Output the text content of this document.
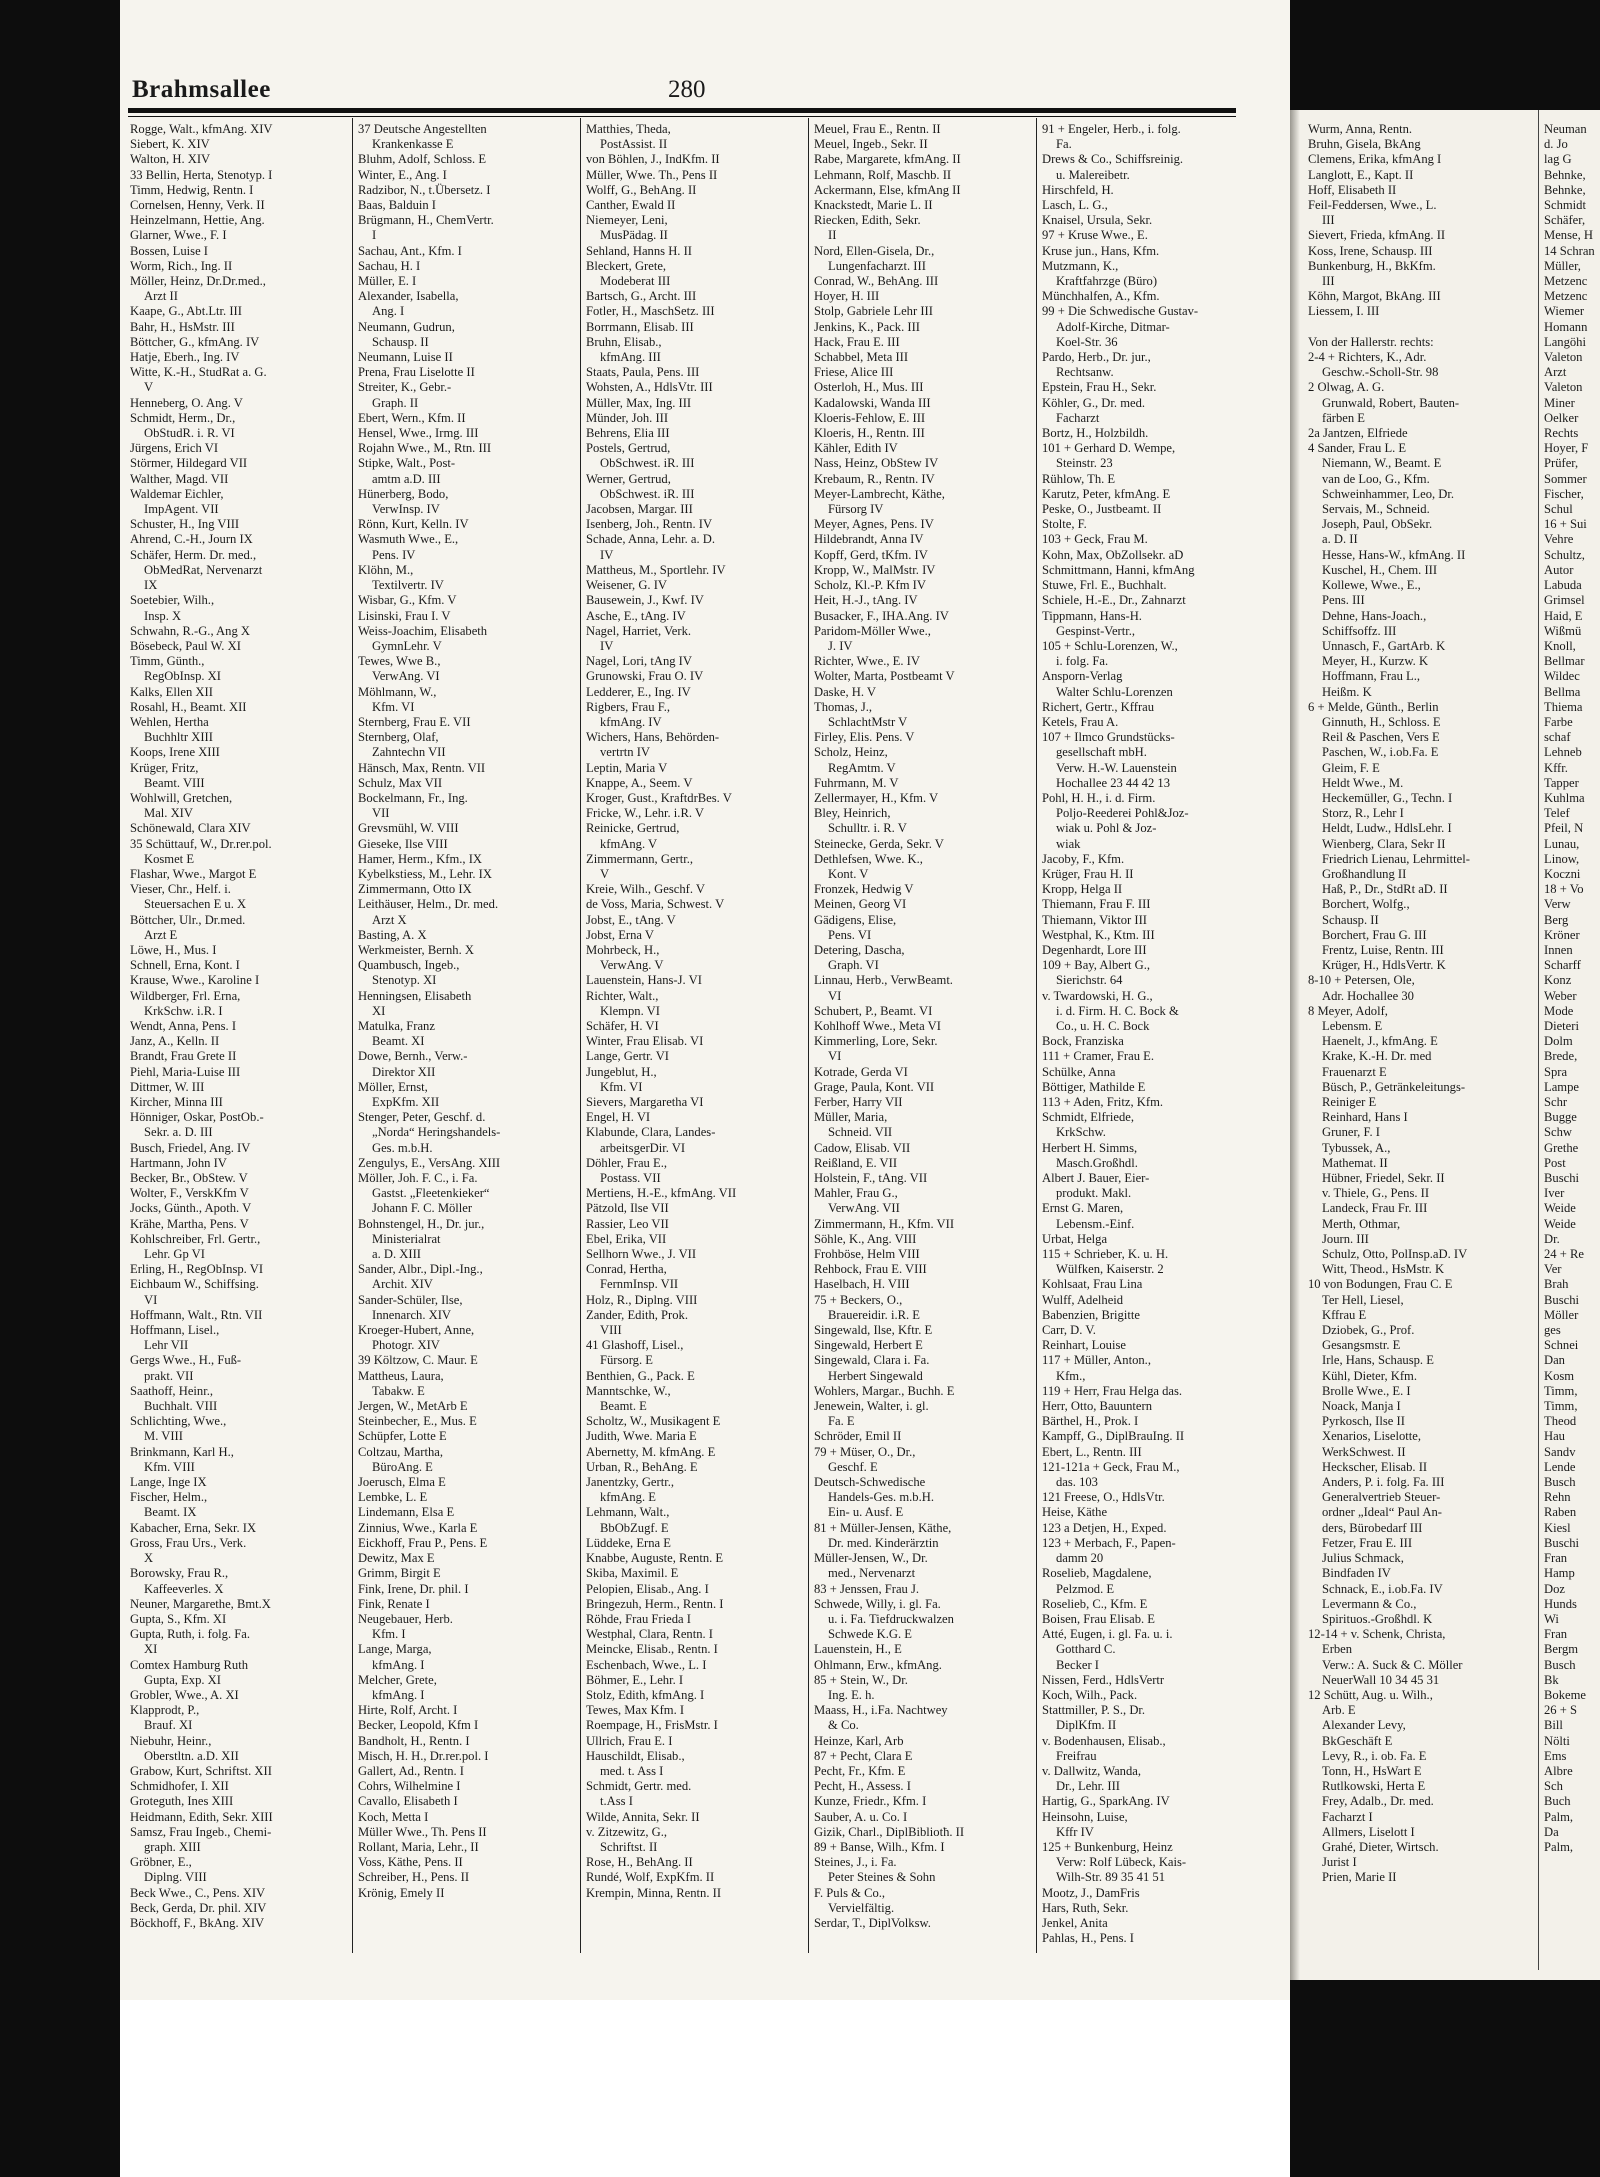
Brahmsallee	280
Rogge, Walt., kfmAng. XIV
Siebert, K. XIV
Walton, H. XIV
33 Bellin, Herta, Stenotyp. I
Timm, Hedwig, Rentn. I
Cornelsen, Henny, Verk. II
Heinzelmann, Hettie, Ang.
Glarner, Wwe., F. I
Bossen, Luise I
Worm, Rich., Ing. II
Möller, Heinz, Dr.Dr.med.,
Arzt II
Kaape, G., Abt.Ltr. III
Bahr, H., HsMstr. III
Böttcher, G., kfmAng. IV
Hatje, Eberh., Ing. IV
Witte, K.-H., StudRat a. G.
V
Henneberg, O. Ang. V
Schmidt, Herm., Dr.,
ObStudR. i. R. VI
Jürgens, Erich VI
Störmer, Hildegard VII
Walther, Magd. VII
Waldemar Eichler,
ImpAgent. VII
Schuster, H., Ing VIII
Ahrend, C.-H., Journ IX
Schäfer, Herm. Dr. med.,
ObMedRat, Nervenarzt
IX
Soetebier, Wilh.,
Insp. X
Schwahn, R.-G., Ang X
Bösebeck, Paul W. XI
Timm, Günth.,
RegObInsp. XI
Kalks, Ellen XII
Rosahl, H., Beamt. XII
Wehlen, Hertha
Buchhltr XIII
Koops, Irene XIII
Krüger, Fritz,
Beamt. VIII
Wohlwill, Gretchen,
Mal. XIV
Schönewald, Clara XIV
35 Schüttauf, W., Dr.rer.pol.
Kosmet E
Flashar, Wwe., Margot E
Vieser, Chr., Helf. i.
Steuersachen E u. X
Böttcher, Ulr., Dr.med.
Arzt E
Löwe, H., Mus. I
Schnell, Erna, Kont. I
Krause, Wwe., Karoline I
Wildberger, Frl. Erna,
KrkSchw. i.R. I
Wendt, Anna, Pens. I
Janz, A., Kelln. II
Brandt, Frau Grete II
Piehl, Maria-Luise III
Dittmer, W. III
Kircher, Minna III
Hönniger, Oskar, PostOb.-
Sekr. a. D. III
Busch, Friedel, Ang. IV
Hartmann, John IV
Becker, Br., ObStew. V
Wolter, F., VerskKfm V
Jocks, Günth., Apoth. V
Krähe, Martha, Pens. V
Kohlschreiber, Frl. Gertr.,
Lehr. Gp VI
Erling, H., RegObInsp. VI
Eichbaum W., Schiffsing.
VI
Hoffmann, Walt., Rtn. VII
Hoffmann, Lisel.,
Lehr VII
Gergs Wwe., H., Fuß-
prakt. VII
Saathoff, Heinr.,
Buchhalt. VIII
Schlichting, Wwe.,
M. VIII
Brinkmann, Karl H.,
Kfm. VIII
Lange, Inge IX
Fischer, Helm.,
Beamt. IX
Kabacher, Erna, Sekr. IX
Gross, Frau Urs., Verk.
X
Borowsky, Frau R.,
Kaffeeverles. X
Neuner, Margarethe, Bmt.X
Gupta, S., Kfm. XI
Gupta, Ruth, i. folg. Fa.
XI
Comtex Hamburg Ruth
Gupta, Exp. XI
Grobler, Wwe., A. XI
Klapprodt, P.,
Brauf. XI
Niebuhr, Heinr.,
Oberstltn. a.D. XII
Grabow, Kurt, Schriftst. XII
Schmidhofer, I. XII
Groteguth, Ines XIII
Heidmann, Edith, Sekr. XIII
Samsz, Frau Ingeb., Chemi-
graph. XIII
Gröbner, E.,
Diplng. VIII
Beck Wwe., C., Pens. XIV
Beck, Gerda, Dr. phil. XIV
Böckhoff, F., BkAng. XIV
37 Deutsche Angestellten
Krankenkasse E
Bluhm, Adolf, Schloss. E
Winter, E., Ang. I
Radzibor, N., t.Übersetz. I
Baas, Balduin I
Brügmann, H., ChemVertr.
I
Sachau, Ant., Kfm. I
Sachau, H. I
Müller, E. I
Alexander, Isabella,
Ang. I
Neumann, Gudrun,
Schausp. II
Neumann, Luise II
Prena, Frau Liselotte II
Streiter, K., Gebr.-
Graph. II
Ebert, Wern., Kfm. II
Hensel, Wwe., Irmg. III
Rojahn Wwe., M., Rtn. III
Stipke, Walt., Post-
amtm a.D. III
Hünerberg, Bodo,
VerwInsp. IV
Rönn, Kurt, Kelln. IV
Wasmuth Wwe., E.,
Pens. IV
Klöhn, M.,
Textilvertr. IV
Wisbar, G., Kfm. V
Lisinski, Frau I. V
Weiss-Joachim, Elisabeth
GymnLehr. V
Tewes, Wwe B.,
VerwAng. VI
Möhlmann, W.,
Kfm. VI
Sternberg, Frau E. VII
Sternberg, Olaf,
Zahntechn VII
Hänsch, Max, Rentn. VII
Schulz, Max VII
Bockelmann, Fr., Ing.
VII
Grevsmühl, W. VIII
Gieseke, Ilse VIII
Hamer, Herm., Kfm., IX
Kybelkstiess, M., Lehr. IX
Zimmermann, Otto IX
Leithäuser, Helm., Dr. med.
Arzt X
Basting, A. X
Werkmeister, Bernh. X
Quambusch, Ingeb.,
Stenotyp. XI
Henningsen, Elisabeth
XI
Matulka, Franz
Beamt. XI
Dowe, Bernh., Verw.-
Direktor XII
Möller, Ernst,
ExpKfm. XII
Stenger, Peter, Geschf. d.
„Norda“ Heringshandels-
Ges. m.b.H.
Zengulys, E., VersAng. XIII
Möller, Joh. F. C., i. Fa.
Gastst. „Fleetenkieker“
Johann F. C. Möller
Bohnstengel, H., Dr. jur.,
Ministerialrat
a. D. XIII
Sander, Albr., Dipl.-Ing.,
Archit. XIV
Sander-Schüler, Ilse,
Innenarch. XIV
Kroeger-Hubert, Anne,
Photogr. XIV
39 Költzow, C. Maur. E
Mattheus, Laura,
Tabakw. E
Jergen, W., MetArb E
Steinbecher, E., Mus. E
Schüpfer, Lotte E
Coltzau, Martha,
BüroAng. E
Joerusch, Elma E
Lembke, L. E
Lindemann, Elsa E
Zinnius, Wwe., Karla E
Eickhoff, Frau P., Pens. E
Dewitz, Max E
Grimm, Birgit E
Fink, Irene, Dr. phil. I
Fink, Renate I
Neugebauer, Herb.
Kfm. I
Lange, Marga,
kfmAng. I
Melcher, Grete,
kfmAng. I
Hirte, Rolf, Archt. I
Becker, Leopold, Kfm I
Bandholt, H., Rentn. I
Misch, H. H., Dr.rer.pol. I
Gallert, Ad., Rentn. I
Cohrs, Wilhelmine I
Cavallo, Elisabeth I
Koch, Metta I
Müller Wwe., Th. Pens II
Rollant, Maria, Lehr., II
Voss, Käthe, Pens. II
Schreiber, H., Pens. II
Krönig, Emely II
Matthies, Theda,
PostAssist. II
von Böhlen, J., IndKfm. II
Müller, Wwe. Th., Pens II
Wolff, G., BehAng. II
Canther, Ewald II
Niemeyer, Leni,
MusPädag. II
Sehland, Hanns H. II
Bleckert, Grete,
Modeberat III
Bartsch, G., Archt. III
Fotler, H., MaschSetz. III
Borrmann, Elisab. III
Bruhn, Elisab.,
kfmAng. III
Staats, Paula, Pens. III
Wohsten, A., HdlsVtr. III
Müller, Max, Ing. III
Münder, Joh. III
Behrens, Elia III
Postels, Gertrud,
ObSchwest. iR. III
Werner, Gertrud,
ObSchwest. iR. III
Jacobsen, Margar. III
Isenberg, Joh., Rentn. IV
Schade, Anna, Lehr. a. D.
IV
Mattheus, M., Sportlehr. IV
Weisener, G. IV
Bausewein, J., Kwf. IV
Asche, E., tAng. IV
Nagel, Harriet, Verk.
IV
Nagel, Lori, tAng IV
Grunowski, Frau O. IV
Ledderer, E., Ing. IV
Rigbers, Frau F.,
kfmAng. IV
Wichers, Hans, Behörden-
vertrtn IV
Leptin, Maria V
Knappe, A., Seem. V
Kroger, Gust., KraftdrBes. V
Fricke, W., Lehr. i.R. V
Reinicke, Gertrud,
kfmAng. V
Zimmermann, Gertr.,
V
Kreie, Wilh., Geschf. V
de Voss, Maria, Schwest. V
Jobst, E., tAng. V
Jobst, Erna V
Mohrbeck, H.,
VerwAng. V
Lauenstein, Hans-J. VI
Richter, Walt.,
Klempn. VI
Schäfer, H. VI
Winter, Frau Elisab. VI
Lange, Gertr. VI
Jungeblut, H.,
Kfm. VI
Sievers, Margaretha VI
Engel, H. VI
Klabunde, Clara, Landes-
arbeitsgerDir. VI
Döhler, Frau E.,
Postass. VII
Mertiens, H.-E., kfmAng. VII
Pätzold, Ilse VII
Rassier, Leo VII
Ebel, Erika, VII
Sellhorn Wwe., J. VII
Conrad, Hertha,
FernmInsp. VII
Holz, R., Diplng. VIII
Zander, Edith, Prok.
VIII
41 Glashoff, Lisel.,
Fürsorg. E
Benthien, G., Pack. E
Manntschke, W.,
Beamt. E
Scholtz, W., Musikagent E
Judith, Wwe. Maria E
Abernetty, M. kfmAng. E
Urban, R., BehAng. E
Janentzky, Gertr.,
kfmAng. E
Lehmann, Walt.,
BbObZugf. E
Lüddeke, Erna E
Knabbe, Auguste, Rentn. E
Skiba, Maximil. E
Pelopien, Elisab., Ang. I
Bringezuh, Herm., Rentn. I
Röhde, Frau Frieda I
Westphal, Clara, Rentn. I
Meincke, Elisab., Rentn. I
Eschenbach, Wwe., L. I
Böhmer, E., Lehr. I
Stolz, Edith, kfmAng. I
Tewes, Max Kfm. I
Roempage, H., FrisMstr. I
Ullrich, Frau E. I
Hauschildt, Elisab.,
med. t. Ass I
Schmidt, Gertr. med.
t.Ass I
Wilde, Annita, Sekr. II
v. Zitzewitz, G.,
Schriftst. II
Rose, H., BehAng. II
Rundé, Wolf, ExpKfm. II
Krempin, Minna, Rentn. II
Meuel, Frau E., Rentn. II
Meuel, Ingeb., Sekr. II
Rabe, Margarete, kfmAng. II
Lehmann, Rolf, Maschb. II
Ackermann, Else, kfmAng II
Knackstedt, Marie L. II
Riecken, Edith, Sekr.
II
Nord, Ellen-Gisela, Dr.,
Lungenfacharzt. III
Conrad, W., BehAng. III
Hoyer, H. III
Stolp, Gabriele Lehr III
Jenkins, K., Pack. III
Hack, Frau E. III
Schabbel, Meta III
Friese, Alice III
Osterloh, H., Mus. III
Kadalowski, Wanda III
Kloeris-Fehlow, E. III
Kloeris, H., Rentn. III
Kähler, Edith IV
Nass, Heinz, ObStew IV
Krebaum, R., Rentn. IV
Meyer-Lambrecht, Käthe,
Fürsorg IV
Meyer, Agnes, Pens. IV
Hildebrandt, Anna IV
Kopff, Gerd, tKfm. IV
Kropp, W., MalMstr. IV
Scholz, Kl.-P. Kfm IV
Heit, H.-J., tAng. IV
Busacker, F., IHA.Ang. IV
Paridom-Möller Wwe.,
J. IV
Richter, Wwe., E. IV
Wolter, Marta, Postbeamt V
Daske, H. V
Thomas, J.,
SchlachtMstr V
Firley, Elis. Pens. V
Scholz, Heinz,
RegAmtm. V
Fuhrmann, M. V
Zellermayer, H., Kfm. V
Bley, Heinrich,
Schulltr. i. R. V
Steinecke, Gerda, Sekr. V
Dethlefsen, Wwe. K.,
Kont. V
Fronzek, Hedwig V
Meinen, Georg VI
Gädigens, Elise,
Pens. VI
Detering, Dascha,
Graph. VI
Linnau, Herb., VerwBeamt.
VI
Schubert, P., Beamt. VI
Kohlhoff Wwe., Meta VI
Kimmerling, Lore, Sekr.
VI
Kotrade, Gerda VI
Grage, Paula, Kont. VII
Ferber, Harry VII
Müller, Maria,
Schneid. VII
Cadow, Elisab. VII
Reißland, E. VII
Holstein, F., tAng. VII
Mahler, Frau G.,
VerwAng. VII
Zimmermann, H., Kfm. VII
Söhle, K., Ang. VIII
Frohböse, Helm VIII
Rehbock, Frau E. VIII
Haselbach, H. VIII
75 + Beckers, O.,
Brauereidir. i.R. E
Singewald, Ilse, Kftr. E
Singewald, Herbert E
Singewald, Clara i. Fa.
Herbert Singewald
Wohlers, Margar., Buchh. E
Jenewein, Walter, i. gl.
Fa. E
Schröder, Emil II
79 + Müser, O., Dr.,
Geschf. E
Deutsch-Schwedische
Handels-Ges. m.b.H.
Ein- u. Ausf. E
81 + Müller-Jensen, Käthe,
Dr. med. Kinderärztin
Müller-Jensen, W., Dr.
med., Nervenarzt
83 + Jenssen, Frau J.
Schwede, Willy, i. gl. Fa.
u. i. Fa. Tiefdruckwalzen
Schwede K.G. E
Lauenstein, H., E
Ohlmann, Erw., kfmAng.
85 + Stein, W., Dr.
Ing. E. h.
Maass, H., i.Fa. Nachtwey
& Co.
Heinze, Karl, Arb
87 + Pecht, Clara E
Pecht, Fr., Kfm. E
Pecht, H., Assess. I
Kunze, Friedr., Kfm. I
Sauber, A. u. Co. I
Gizik, Charl., DiplBibliotħ. II
89 + Banse, Wilh., Kfm. I
Steines, J., i. Fa.
Peter Steines & Sohn
F. Puls & Co.,
Vervielfältig.
Serdar, T., DiplVolksw.
91 + Engeler, Herb., i. folg.
Fa.
Drews & Co., Schiffsreinig.
u. Malereibetr.
Hirschfeld, H.
Lasch, L. G.,
Knaisel, Ursula, Sekr.
97 + Kruse Wwe., E.
Kruse jun., Hans, Kfm.
Mutzmann, K.,
Kraftfahrzge (Büro)
Münchhalfen, A., Kfm.
99 + Die Schwedische Gustav-
Adolf-Kirche, Ditmar-
Koel-Str. 36
Pardo, Herb., Dr. jur.,
Rechtsanw.
Epstein, Frau H., Sekr.
Köhler, G., Dr. med.
Facharzt
Bortz, H., Holzbildh.
101 + Gerhard D. Wempe,
Steinstr. 23
Rühlow, Th. E
Karutz, Peter, kfmAng. E
Peske, O., Justbeamt. II
Stolte, F.
103 + Geck, Frau M.
Kohn, Max, ObZollsekr. aD
Schmittmann, Hanni, kfmAng
Stuwe, Frl. E., Buchhalt.
Schiele, H.-E., Dr., Zahnarzt
Tippmann, Hans-H.
Gespinst-Vertr.,
105 + Schlu-Lorenzen, W.,
i. folg. Fa.
Ansporn-Verlag
Walter Schlu-Lorenzen
Richert, Gertr., Kffrau
Ketels, Frau A.
107 + Ilmco Grundstücks-
gesellschaft mbH.
Verw. H.-W. Lauenstein
Hochallee 23 44 42 13
Pohl, H. H., i. d. Firm.
Poljo-Reederei Pohl&Joz-
wiak u. Pohl & Joz-
wiak
Jacoby, F., Kfm.
Krüger, Frau H. II
Kropp, Helga II
Thiemann, Frau F. III
Thiemann, Viktor III
Westphal, K., Ktm. III
Degenhardt, Lore III
109 + Bay, Albert G.,
Sierichstr. 64
v. Twardowski, H. G.,
i. d. Firm. H. C. Bock &
Co., u. H. C. Bock
Bock, Franziska
111 + Cramer, Frau E.
Schülke, Anna
Böttiger, Mathilde E
113 + Aden, Fritz, Kfm.
Schmidt, Elfriede,
KrkSchw.
Herbert H. Simms,
Masch.Großhdl.
Albert J. Bauer, Eier-
produkt. Makl.
Ernst G. Maren,
Lebensm.-Einf.
Urbat, Helga
115 + Schrieber, K. u. H.
Wülfken, Kaiserstr. 2
Kohlsaat, Frau Lina
Wulff, Adelheid
Babenzien, Brigitte
Carr, D. V.
Reinhart, Louise
117 + Müller, Anton.,
Kfm.,
119 + Herr, Frau Helga das.
Herr, Otto, Bauuntern
Bärthel, H., Prok. I
Kampff, G., DiplBrauIng. II
Ebert, L., Rentn. III
121-121a + Geck, Frau M.,
das. 103
121 Freese, O., HdlsVtr.
Heise, Käthe
123 a Detjen, H., Exped.
123 + Merbach, F., Papen-
damm 20
Roselieb, Magdalene,
Pelzmod. E
Roselieb, C., Kfm. E
Boisen, Frau Elisab. E
Atté, Eugen, i. gl. Fa. u. i.
Gotthard C.
Becker I
Nissen, Ferd., HdlsVertr
Koch, Wilh., Pack.
Stattmiller, P. S., Dr.
DiplKfm. II
v. Bodenhausen, Elisab.,
Freifrau
v. Dallwitz, Wanda,
Dr., Lehr. III
Hartig, G., SparkAng. IV
Heinsohn, Luise,
Kffr IV
125 + Bunkenburg, Heinz
Verw: Rolf Lübeck, Kais-
Wilh-Str. 89 35 41 51
Mootz, J., DamFris
Hars, Ruth, Sekr.
Jenkel, Anita
Pahlas, H., Pens. I
Wurm, Anna, Rentn.
Bruhn, Gisela, BkAng
Clemens, Erika, kfmAng I
Langlott, E., Kapt. II
Hoff, Elisabeth II
Feil-Feddersen, Wwe., L.
III
Sievert, Frieda, kfmAng. II
Koss, Irene, Schausp. III
Bunkenburg, H., BkKfm.
III
Köhn, Margot, BkAng. III
Liessem, I. III

Von der Hallerstr. rechts:
2-4 + Richters, K., Adr.
Geschw.-Scholl-Str. 98
2 Olwag, A. G.
Grunwald, Robert, Bauten-
färben E
2a Jantzen, Elfriede
4 Sander, Frau L. E
Niemann, W., Beamt. E
van de Loo, G., Kfm.
Schweinhammer, Leo, Dr.
Servais, M., Schneid.
Joseph, Paul, ObSekr.
a. D. II
Hesse, Hans-W., kfmAng. II
Kuschel, H., Chem. III
Kollewe, Wwe., E.,
Pens. III
Dehne, Hans-Joach.,
Schiffsoffz. III
Unnasch, F., GartArb. K
Meyer, H., Kurzw. K
Hoffmann, Frau L.,
Heißm. K
6 + Melde, Günth., Berlin
Ginnuth, H., Schloss. E
Reil & Paschen, Vers E
Paschen, W., i.ob.Fa. E
Gleim, F. E
Heldt Wwe., M.
Heckemüller, G., Techn. I
Storz, R., Lehr I
Heldt, Ludw., HdlsLehr. I
Wienberg, Clara, Sekr II
Friedrich Lienau, Lehrmittel-
Großhandlung II
Haß, P., Dr., StdRt aD. II
Borchert, Wolfg.,
Schausp. II
Borchert, Frau G. III
Frentz, Luise, Rentn. III
Krüger, H., HdlsVertr. K
8-10 + Petersen, Ole,
Adr. Hochallee 30
8 Meyer, Adolf,
Lebensm. E
Haenelt, J., kfmAng. E
Krake, K.-H. Dr. med
Frauenarzt E
Büsch, P., Getränkeleitungs-
Reiniger E
Reinhard, Hans I
Gruner, F. I
Tybussek, A.,
Mathemat. II
Hübner, Friedel, Sekr. II
v. Thiele, G., Pens. II
Landeck, Frau Fr. III
Merth, Othmar,
Journ. III
Schulz, Otto, PolInsp.aD. IV
Witt, Theod., HsMstr. K
10 von Bodungen, Frau C. E
Ter Hell, Liesel,
Kffrau E
Dziobek, G., Prof.
Gesangsmstr. E
Irle, Hans, Schausp. E
Kühl, Dieter, Kfm.
Brolle Wwe., E. I
Noack, Manja I
Pyrkosch, Ilse II
Xenarios, Liselotte,
WerkSchwest. II
Heckscher, Elisab. II
Anders, P. i. folg. Fa. III
Generalvertrieb Steuer-
ordner „Ideal“ Paul An-
ders, Bürobedarf III
Fetzer, Frau E. III
Julius Schmack,
Bindfaden IV
Schnack, E., i.ob.Fa. IV
Levermann & Co.,
Spirituos.-Großhdl. K
12-14 + v. Schenk, Christa,
Erben
Verw.: A. Suck & C. Möller
NeuerWall 10 34 45 31
12 Schütt, Aug. u. Wilh.,
Arb. E
Alexander Levy,
BkGeschäft E
Levy, R., i. ob. Fa. E
Tonn, H., HsWart E
Rutlkowski, Herta E
Frey, Adalb., Dr. med.
Facharzt I
Allmers, Liselott I
Grahé, Dieter, Wirtsch.
Jurist I
Prien, Marie II
Neuman
d. Jo
lag G
Behnke,
Behnke,
Schmidt
Schäfer,
Mense, H
14 Schran
Müller,
Metzenc
Metzenc
Wiemer
Homann
Langöhi
Valeton
Arzt
Valeton
Miner
Oelker
Rechts
Hoyer, F
Prüfer,
Sommer
Fischer,
Schul
16 + Sui
Vehre
Schultz,
Autor
Labuda
Grimsel
Haid, E
Wißmü
Knoll,
Bellmar
Wildec
Bellma
Thiema
Farbe
schaf
Lehneb
Kffr.
Tapper
Kuhlma
Telef
Pfeil, N
Lunau,
Linow,
Koczni
18 + Vo
Verw
Berg
Kröner
Innen
Scharff
Konz
Weber
Mode
Dieteri
Dolm
Brede,
Spra
Lampe
Schr
Bugge
Schw
Grethe
Post
Buschi
Iver
Weide
Weide
Dr.
24 + Re
Ver
Brah
Buschi
Möller
ges
Schnei
Dan
Kosm
Timm,
Timm,
Theod
Hau
Sandv
Lende
Busch
Rehn
Raben
Kiesl
Buschi
Fran
Hamp
Doz
Hunds
Wi
Fran
Bergm
Busch
Bk
Bokeme
26 + S
Bill
Nölti
Ems
Albre
Sch
Buch
Palm,
Da
Palm,
